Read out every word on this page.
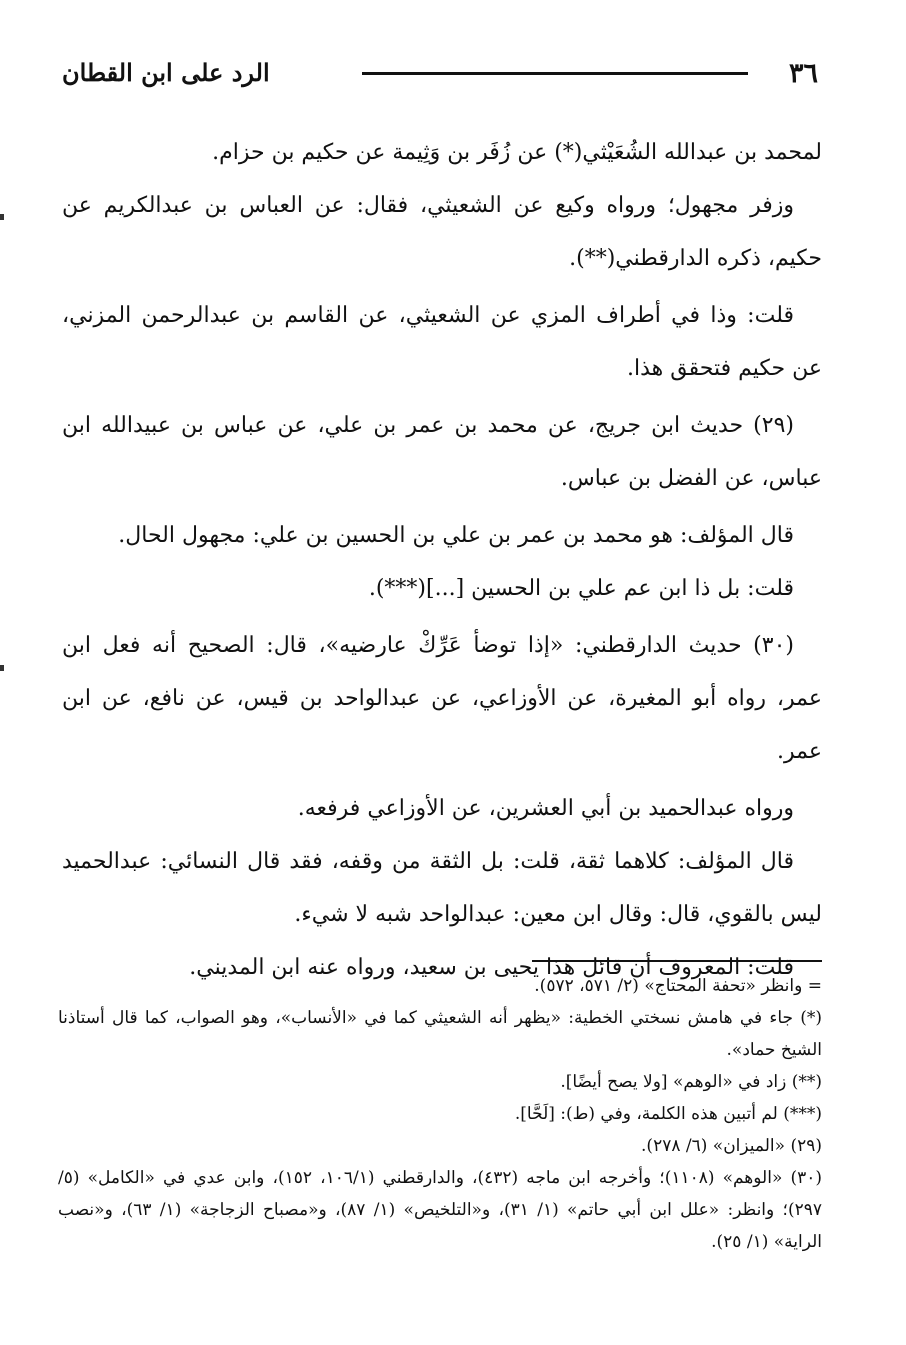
٣٦
الرد على ابن القطان

لمحمد بن عبدالله الشُعَيْثي(*) عن زُفَر بن وَثِيمة عن حكيم بن حزام.

وزفر مجهول؛ ورواه وكيع عن الشعيثي، فقال: عن العباس بن عبدالكريم عن حكيم، ذكره الدارقطني(**).

قلت: وذا في أطراف المزي عن الشعيثي، عن القاسم بن عبدالرحمن المزني، عن حكيم فتحقق هذا.

(٢٩) حديث ابن جريج، عن محمد بن عمر بن علي، عن عباس بن عبيدالله ابن عباس، عن الفضل بن عباس.

قال المؤلف: هو محمد بن عمر بن علي بن الحسين بن علي: مجهول الحال.

قلت: بل ذا ابن عم علي بن الحسين [...](***).

(٣٠) حديث الدارقطني: «إذا توضأ عَرِّكْ عارضيه»، قال: الصحيح أنه فعل ابن عمر، رواه أبو المغيرة، عن الأوزاعي، عن عبدالواحد بن قيس، عن نافع، عن ابن عمر.

ورواه عبدالحميد بن أبي العشرين، عن الأوزاعي فرفعه.

قال المؤلف: كلاهما ثقة، قلت: بل الثقة من وقفه، فقد قال النسائي: عبدالحميد ليس بالقوي، قال: وقال ابن معين: عبدالواحد شبه لا شيء.

قلت: المعروف أن قائل هذا يحيى بن سعيد، ورواه عنه ابن المديني.

= وانظر «تحفة المحتاج» (٢/ ٥٧١، ٥٧٢).

(*) جاء في هامش نسختي الخطية: «يظهر أنه الشعيثي كما في «الأنساب»، وهو الصواب، كما قال أستاذنا الشيخ حماد».

(**) زاد في «الوهم» [ولا يصح أيضًا].

(***) لم أتبين هذه الكلمة، وفي (ط): [لَحَّا].

(٢٩) «الميزان» (٦/ ٢٧٨).

(٣٠) «الوهم» (١١٠٨)؛ وأخرجه ابن ماجه (٤٣٢)، والدارقطني (١٠٦/١، ١٥٢)، وابن عدي في «الكامل» (٥/ ٢٩٧)؛ وانظر: «علل ابن أبي حاتم» (١/ ٣١)، و«التلخيص» (١/ ٨٧)، و«مصباح الزجاجة» (١/ ٦٣)، و«نصب الراية» (١/ ٢٥).
